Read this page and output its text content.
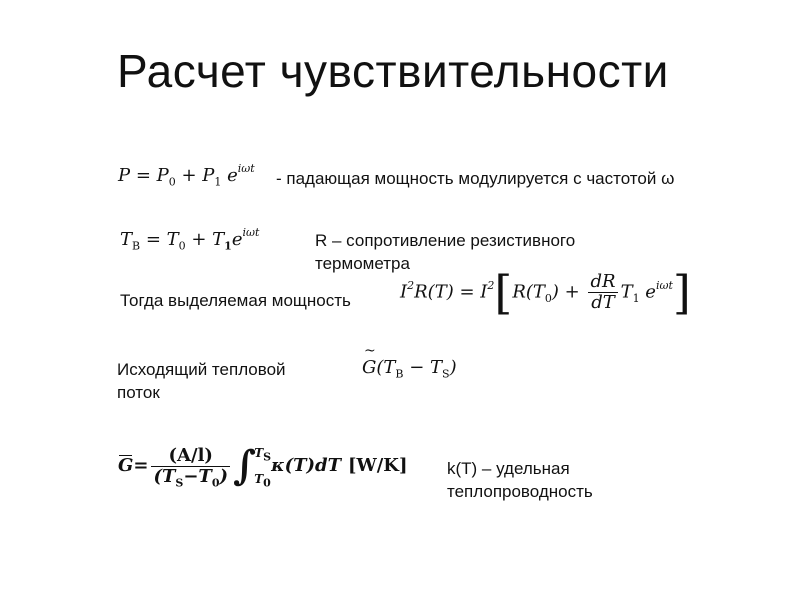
Расчет чувствительности
$P = P_0 + P_1$ $e^{i\omega t}$
- падающая мощность модулируется с частотой ω
$T_B = T_0 + T_1e^{i\omega t}$	R – сопротивление резистивного
термометра
Тогда выделяемая мощность	$I^2R(T) = I^2[R(T_0) + \frac{dR}{dT} T_1$ $e^{i\omega t}$]
Исходящий тепловой
поток
~ $G(T_B - T_S)$
$G= \frac{(A/l)}{(T_S-T_0)}$ ∫
$T_S$
$T_0$
κ(T)dT [W/K] k(T) – удельная
теплопроводность
